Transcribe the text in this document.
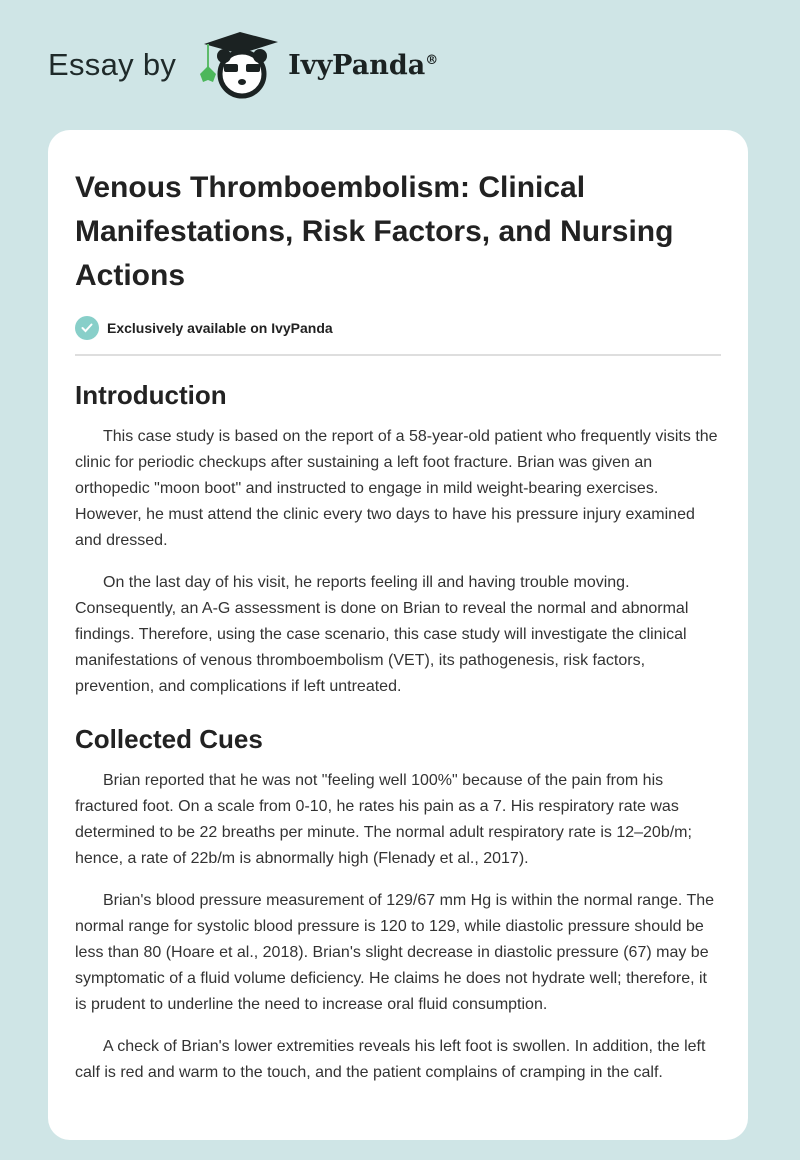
Essay by	IvyPanda®
Venous Thromboembolism: Clinical Manifestations, Risk Factors, and Nursing Actions
Exclusively available on IvyPanda
Introduction

This case study is based on the report of a 58-year-old patient who frequently visits the clinic for periodic checkups after sustaining a left foot fracture. Brian was given an orthopedic "moon boot" and instructed to engage in mild weight-bearing exercises. However, he must attend the clinic every two days to have his pressure injury examined and dressed.

On the last day of his visit, he reports feeling ill and having trouble moving. Consequently, an A-G assessment is done on Brian to reveal the normal and abnormal findings. Therefore, using the case scenario, this case study will investigate the clinical manifestations of venous thromboembolism (VET), its pathogenesis, risk factors, prevention, and complications if left untreated.

Collected Cues

Brian reported that he was not "feeling well 100%" because of the pain from his fractured foot. On a scale from 0-10, he rates his pain as a 7. His respiratory rate was determined to be 22 breaths per minute. The normal adult respiratory rate is 12–20b/m; hence, a rate of 22b/m is abnormally high (Flenady et al., 2017).

Brian's blood pressure measurement of 129/67 mm Hg is within the normal range. The normal range for systolic blood pressure is 120 to 129, while diastolic pressure should be less than 80 (Hoare et al., 2018). Brian's slight decrease in diastolic pressure (67) may be symptomatic of a fluid volume deficiency. He claims he does not hydrate well; therefore, it is prudent to underline the need to increase oral fluid consumption.

A check of Brian's lower extremities reveals his left foot is swollen. In addition, the left calf is red and warm to the touch, and the patient complains of cramping in the calf.
